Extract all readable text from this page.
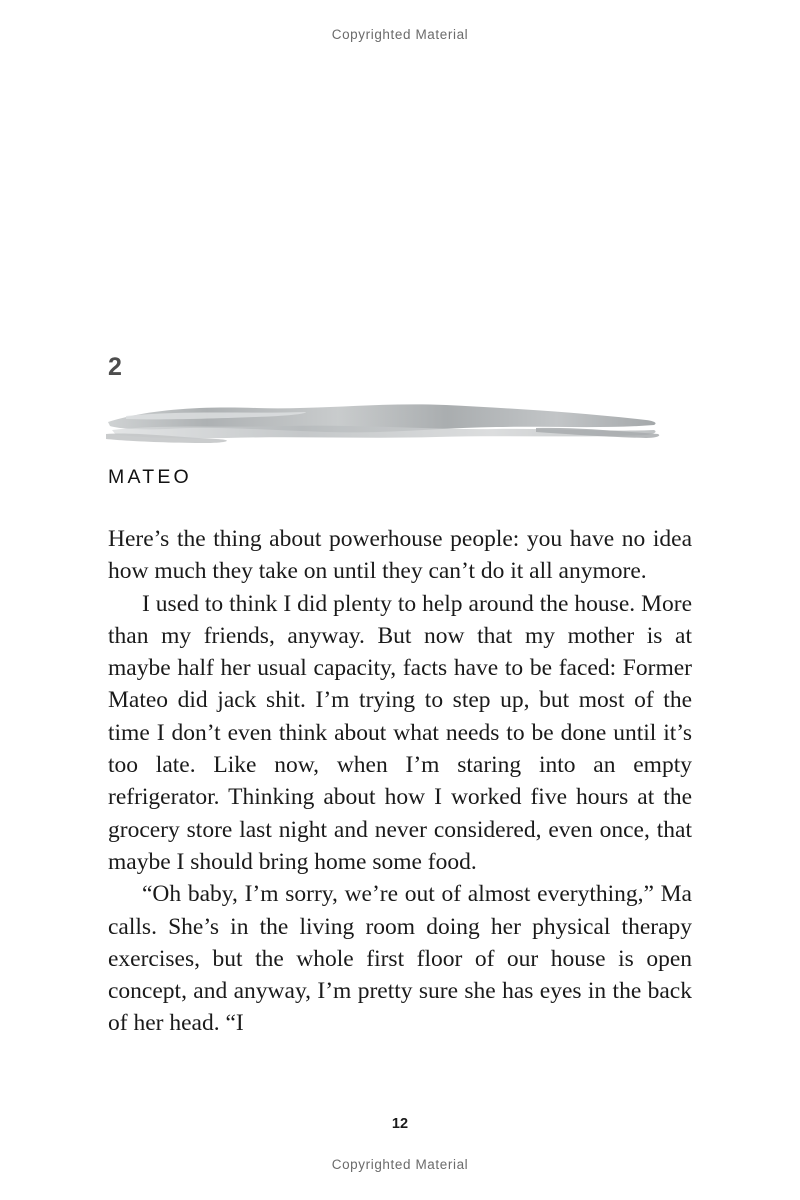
Copyrighted Material
2
MATEO

Here’s the thing about powerhouse people: you have no idea how much they take on until they can’t do it all anymore.

I used to think I did plenty to help around the house. More than my friends, anyway. But now that my mother is at maybe half her usual capacity, facts have to be faced: Former Mateo did jack shit. I’m trying to step up, but most of the time I don’t even think about what needs to be done until it’s too late. Like now, when I’m staring into an empty refrigerator. Thinking about how I worked five hours at the grocery store last night and never considered, even once, that maybe I should bring home some food.

“Oh baby, I’m sorry, we’re out of almost everything,” Ma calls. She’s in the living room doing her physical therapy exercises, but the whole first floor of our house is open concept, and anyway, I’m pretty sure she has eyes in the back of her head. “I

12
Copyrighted Material
